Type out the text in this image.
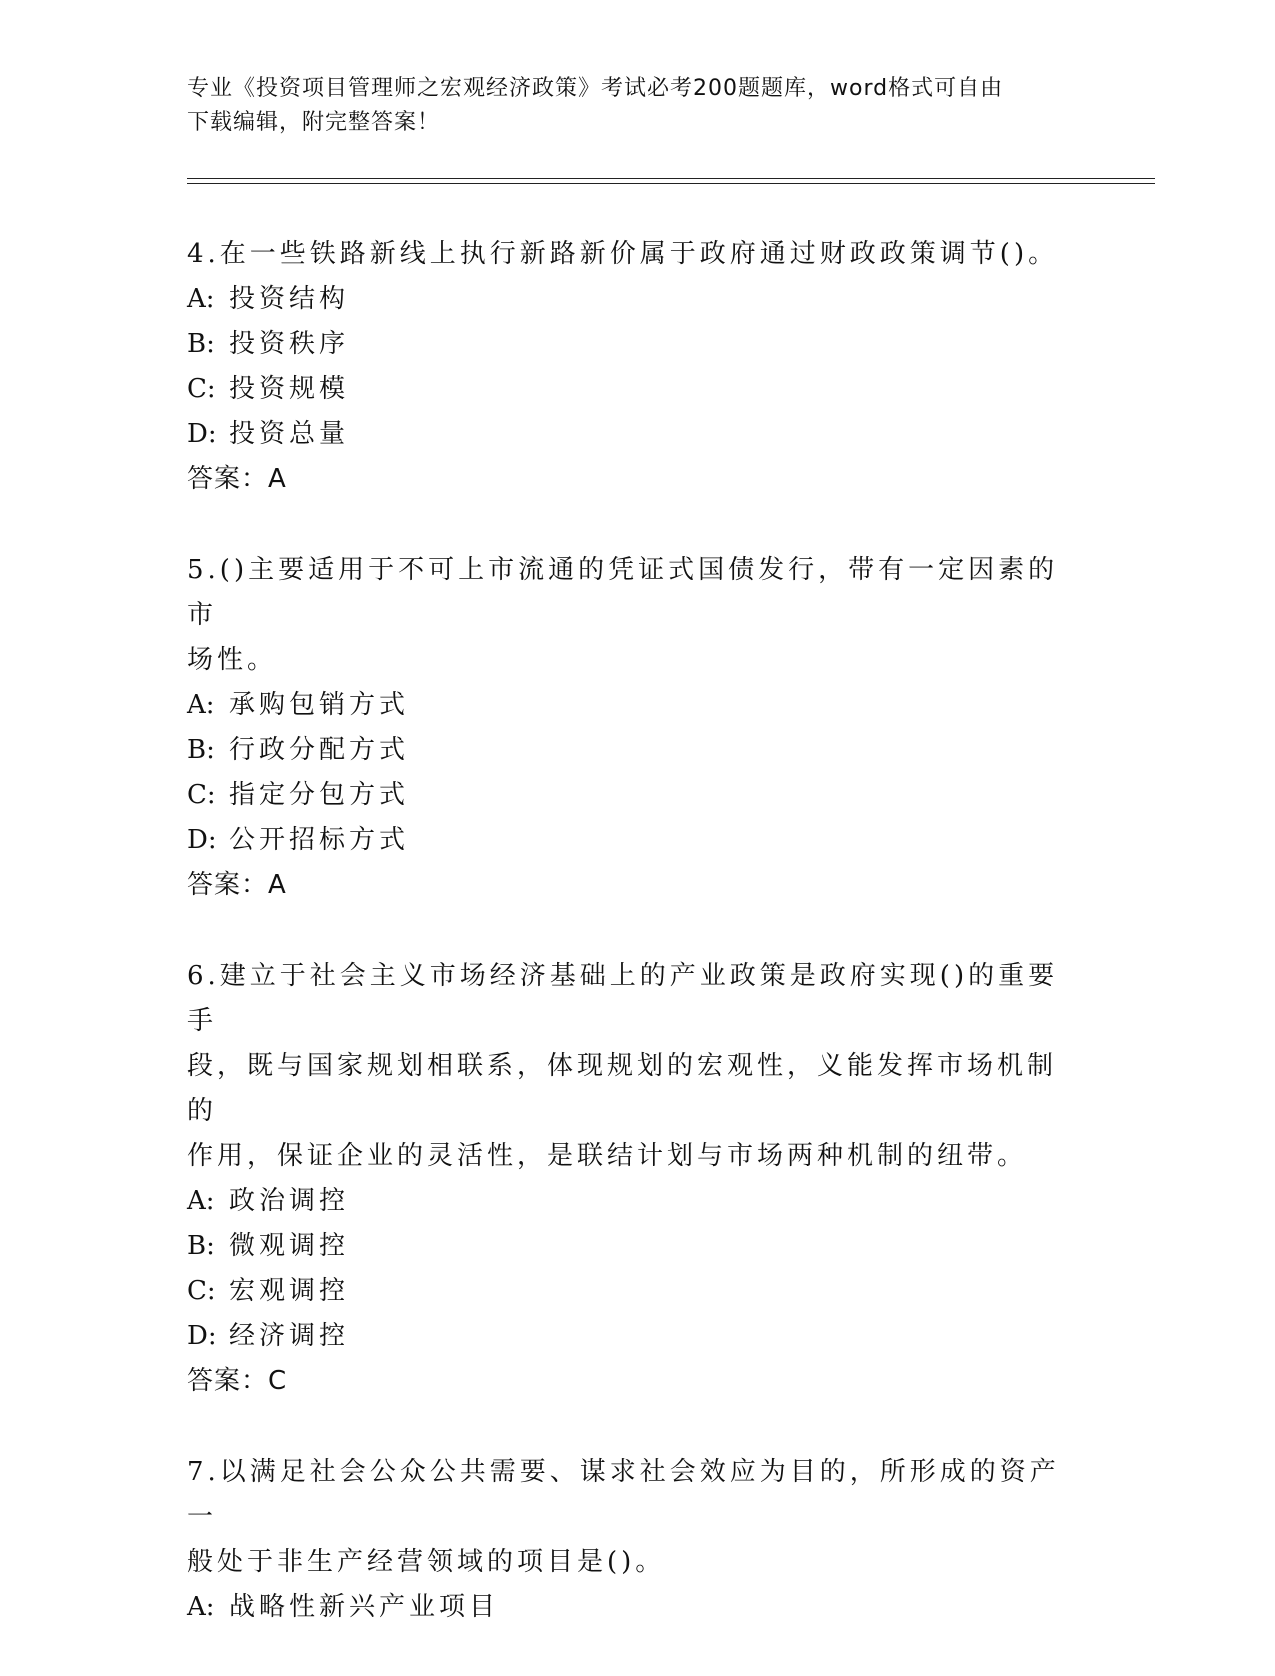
专业《投资项目管理师之宏观经济政策》考试必考200题题库，word格式可自由
下载编辑，附完整答案！
4.在一些铁路新线上执行新路新价属于政府通过财政政策调节()。
A: 投资结构
B: 投资秩序
C: 投资规模
D: 投资总量
答案：A
5.()主要适用于不可上市流通的凭证式国债发行，带有一定因素的市
场性。
A: 承购包销方式
B: 行政分配方式
C: 指定分包方式
D: 公开招标方式
答案：A
6.建立于社会主义市场经济基础上的产业政策是政府实现()的重要手
段，既与国家规划相联系，体现规划的宏观性，义能发挥市场机制的
作用，保证企业的灵活性，是联结计划与市场两种机制的纽带。
A: 政治调控
B: 微观调控
C: 宏观调控
D: 经济调控
答案：C
7.以满足社会公众公共需要、谋求社会效应为目的，所形成的资产一
般处于非生产经营领域的项目是()。
A: 战略性新兴产业项目
